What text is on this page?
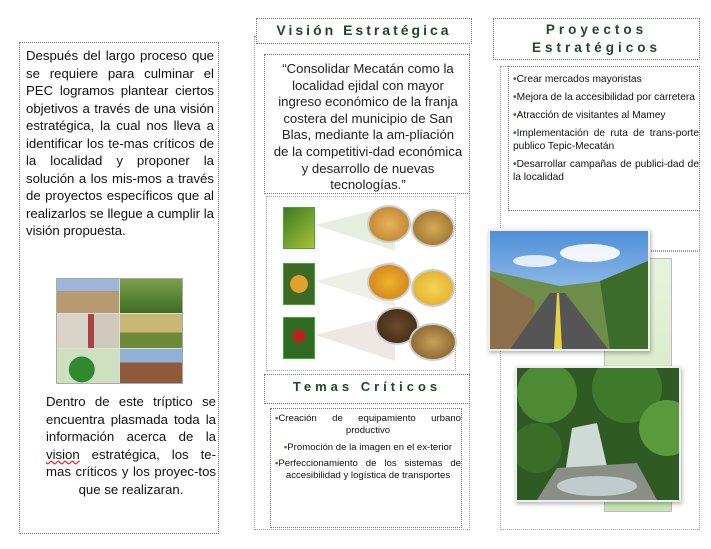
Después del largo proceso que se requiere para culminar el PEC logramos plantear ciertos objetivos a través de una visión estratégica, la cual nos lleva a identificar los te-mas críticos de la localidad y proponer la solución a los mis-mos a través de proyectos específicos que al realizarlos se llegue a cumplir la visión propuesta.
Dentro de este tríptico se encuentra plasmada toda la información acerca de la vision estratégica, los te-mas críticos y los proyec-tos que se realizaran.
Visión Estratégica
“Consolidar Mecatán como la localidad ejidal con mayor ingreso económico de la franja costera del municipio de San Blas, mediante la am-pliación de la competitivi-dad económica y desarrollo de nuevas tecnologías.”
Temas Críticos
•Creación de equipamiento urbano productivo
•Promoción de la imagen en el ex-terior
•Perfeccionamiento de los sistemas de accesibilidad y logística de transportes
Proyectos
Estratégicos
•Crear mercados mayoristas
•Mejora de la accesibilidad por carretera
•Atracción de visitantes al Mamey
•Implementación de ruta de trans-porte publico Tepic-Mecatán
•Desarrollar campañas de publici-dad de la localidad
